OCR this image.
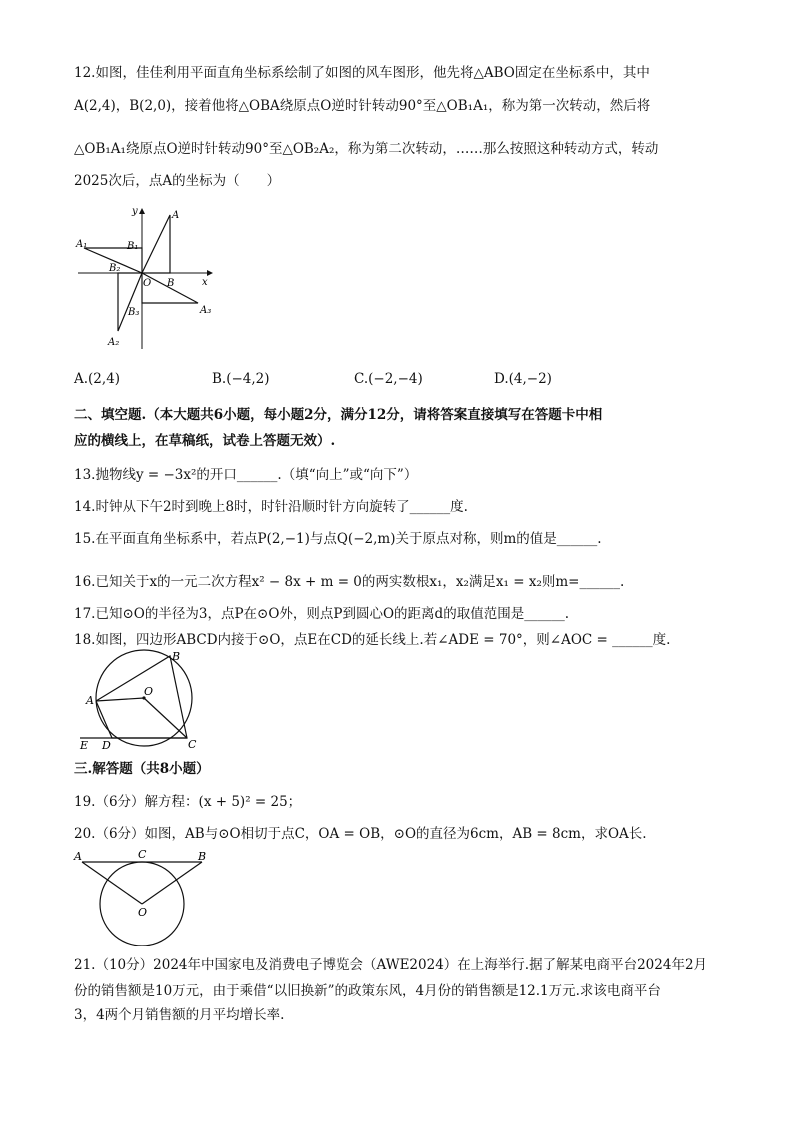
12.如图，佳佳利用平面直角坐标系绘制了如图的风车图形，他先将△ABO固定在坐标系中，其中
A(2,4)，B(2,0)，接着他将△OBA绕原点O逆时针转动90°至△OB₁A₁，称为第一次转动，然后将
△OB₁A₁绕原点O逆时针转动90°至△OB₂A₂，称为第二次转动，……那么按照这种转动方式，转动
2025次后，点A的坐标为（　　）
y
x
O
A
B
A₁	B₁
B₂
A₂
B₃	A₃
A.(2,4)	B.(−4,2)	C.(−2,−4)	D.(4,−2)
二、填空题.（本大题共6小题，每小题2分，满分12分，请将答案直接填写在答题卡中相
应的横线上，在草稿纸，试卷上答题无效）.
13.抛物线y = −3x²的开口______.（填“向上”或“向下”）
14.时钟从下午2时到晚上8时，时针沿顺时针方向旋转了______度.
15.在平面直角坐标系中，若点P(2,−1)与点Q(−2,m)关于原点对称，则m的值是______.
16.已知关于x的一元二次方程x² − 8x + m = 0的两实数根x₁，x₂满足x₁ = x₂则m=______.
17.已知⊙O的半径为3，点P在⊙O外，则点P到圆心O的距离d的取值范围是______.
18.如图，四边形ABCD内接于⊙O，点E在CD的延长线上.若∠ADE = 70°，则∠AOC = ______度.
A
B
C
D
E
O
三.解答题（共8小题）
19.（6分）解方程：(x + 5)² = 25；
20.（6分）如图，AB与⊙O相切于点C，OA = OB，⊙O的直径为6cm，AB = 8cm，求OA长.
A	B
C
O
21.（10分）2024年中国家电及消费电子博览会（AWE2024）在上海举行.据了解某电商平台2024年2月
份的销售额是10万元，由于乘借“以旧换新”的政策东风，4月份的销售额是12.1万元.求该电商平台
3，4两个月销售额的月平均增长率.
